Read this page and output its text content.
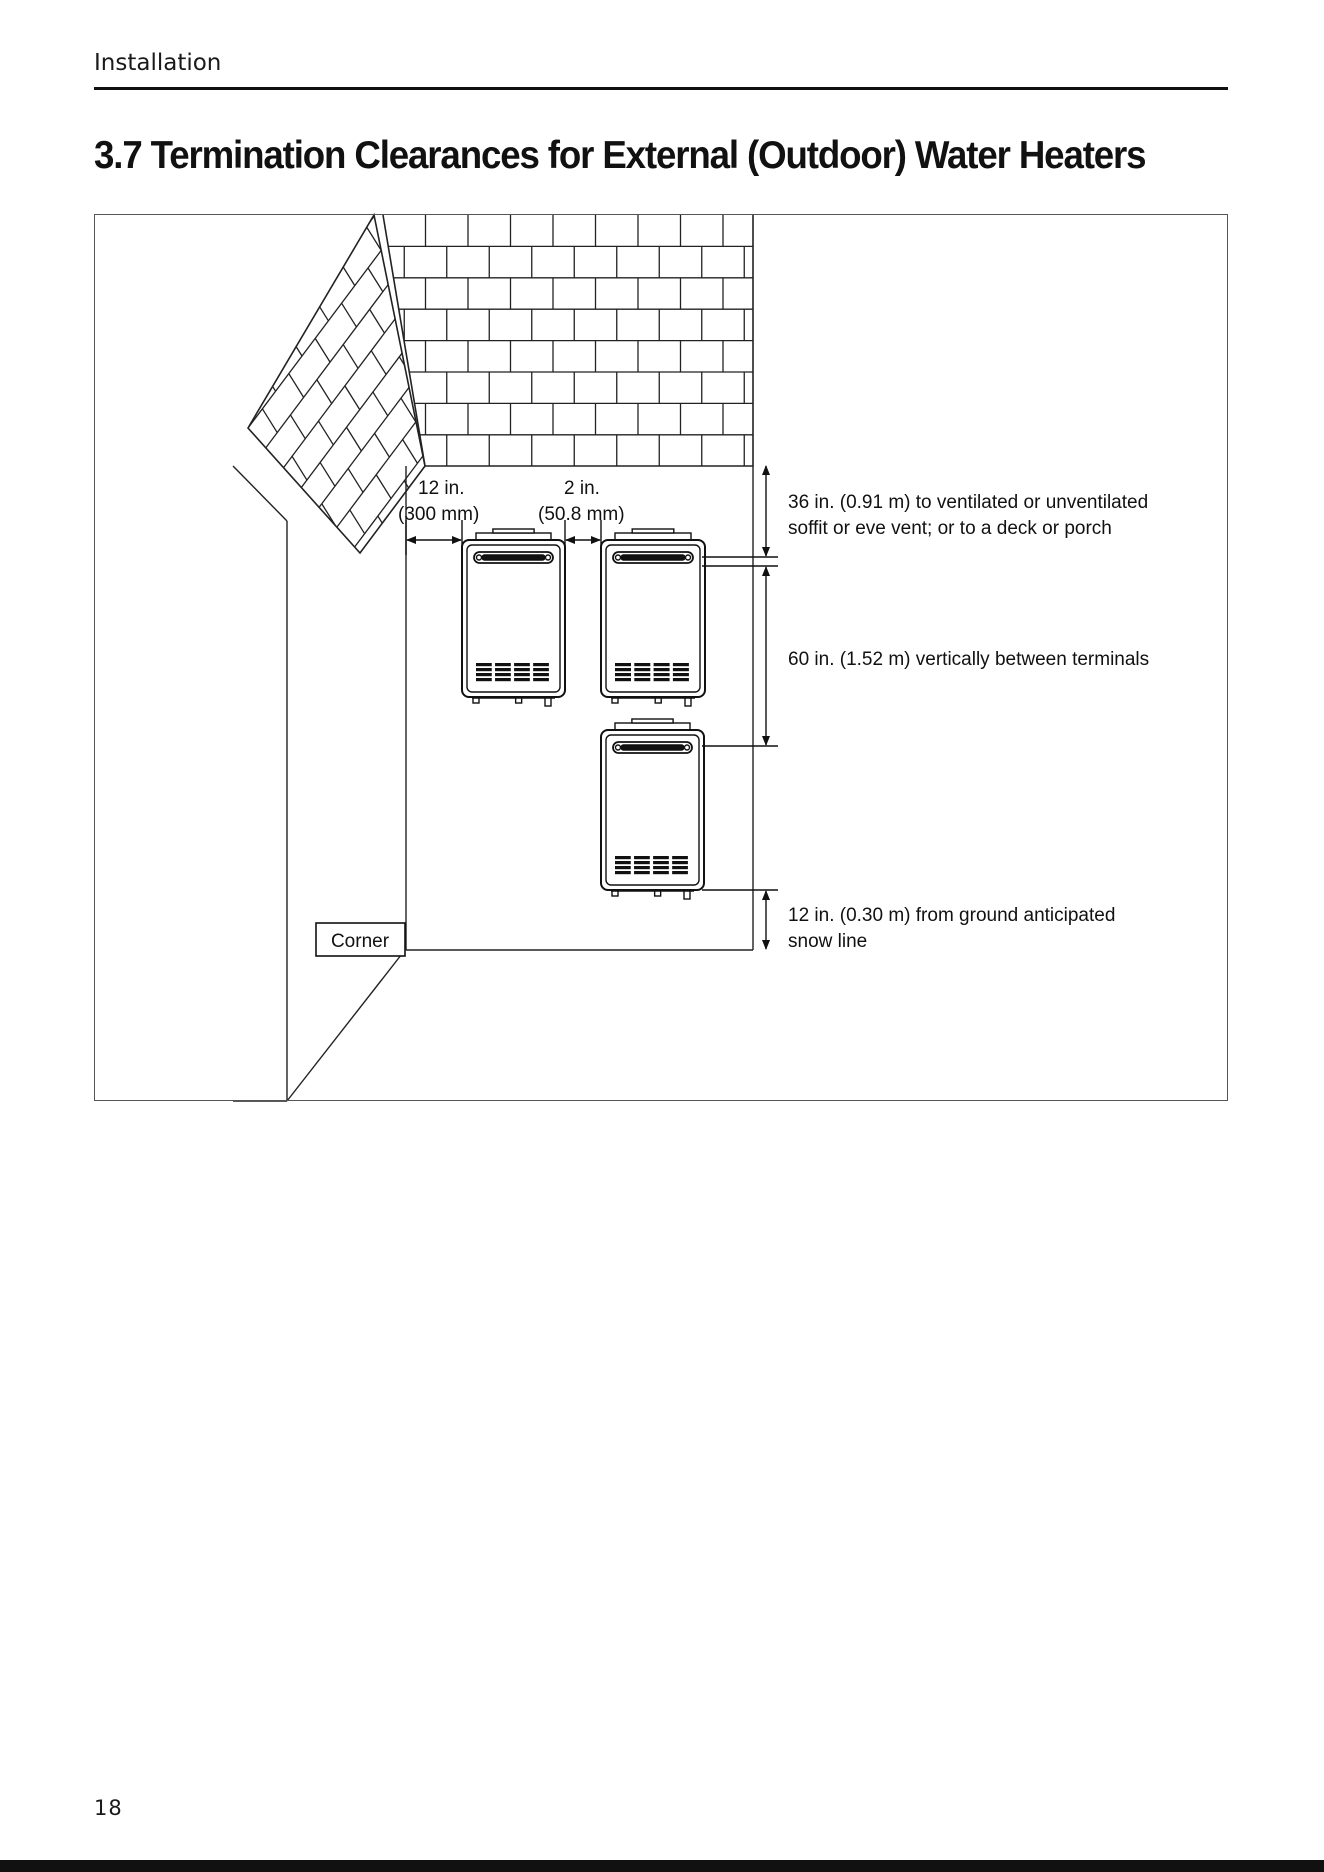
Installation
3.7 Termination Clearances for External (Outdoor) Water Heaters
Corner
12 in.
(300 mm)
2 in.
(50.8 mm)
36 in. (0.91 m) to ventilated or unventilated
soffit or eve vent; or to a deck or porch
60 in. (1.52 m) vertically between terminals
12 in. (0.30 m) from ground anticipated
snow line
18
